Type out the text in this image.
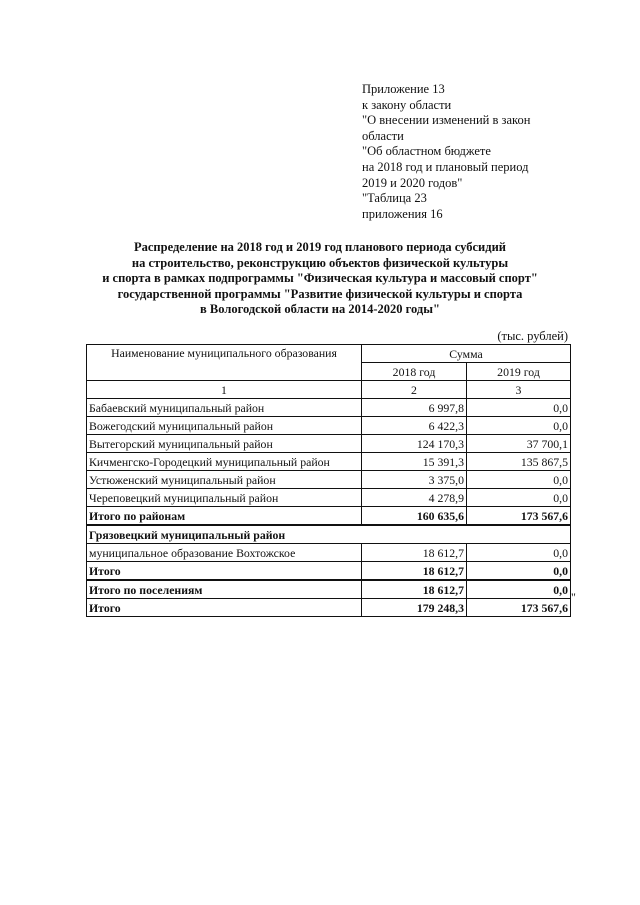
Приложение 13
к закону области
"О внесении изменений в закон
области
"Об областном бюджете
на 2018 год и плановый период
2019 и 2020 годов"
"Таблица 23
приложения 16
Распределение на 2018 год и 2019 год планового периода субсидий
на строительство, реконструкцию объектов физической культуры
и спорта в рамках подпрограммы "Физическая культура и массовый спорт"
государственной программы "Развитие физической культуры и спорта
в Вологодской области на 2014-2020 годы"
(тыс. рублей)
Наименование муниципального образования	Сумма	
	2018 год	2019 год
1	2	3
Бабаевский муниципальный район	6 997,8	0,0
Вожегодский муниципальный район	6 422,3	0,0
Вытегорский муниципальный район	124 170,3	37 700,1
Кичменгско-Городецкий муниципальный район	15 391,3	135 867,5
Устюженский муниципальный район	3 375,0	0,0
Череповецкий муниципальный район	4 278,9	0,0
Итого по районам	160 635,6	173 567,6
Грязовецкий муниципальный район		
муниципальное образование Вохтожское	18 612,7	0,0
Итого	18 612,7	0,0
Итого по поселениям	18 612,7	0,0
Итого	179 248,3	173 567,6
"
